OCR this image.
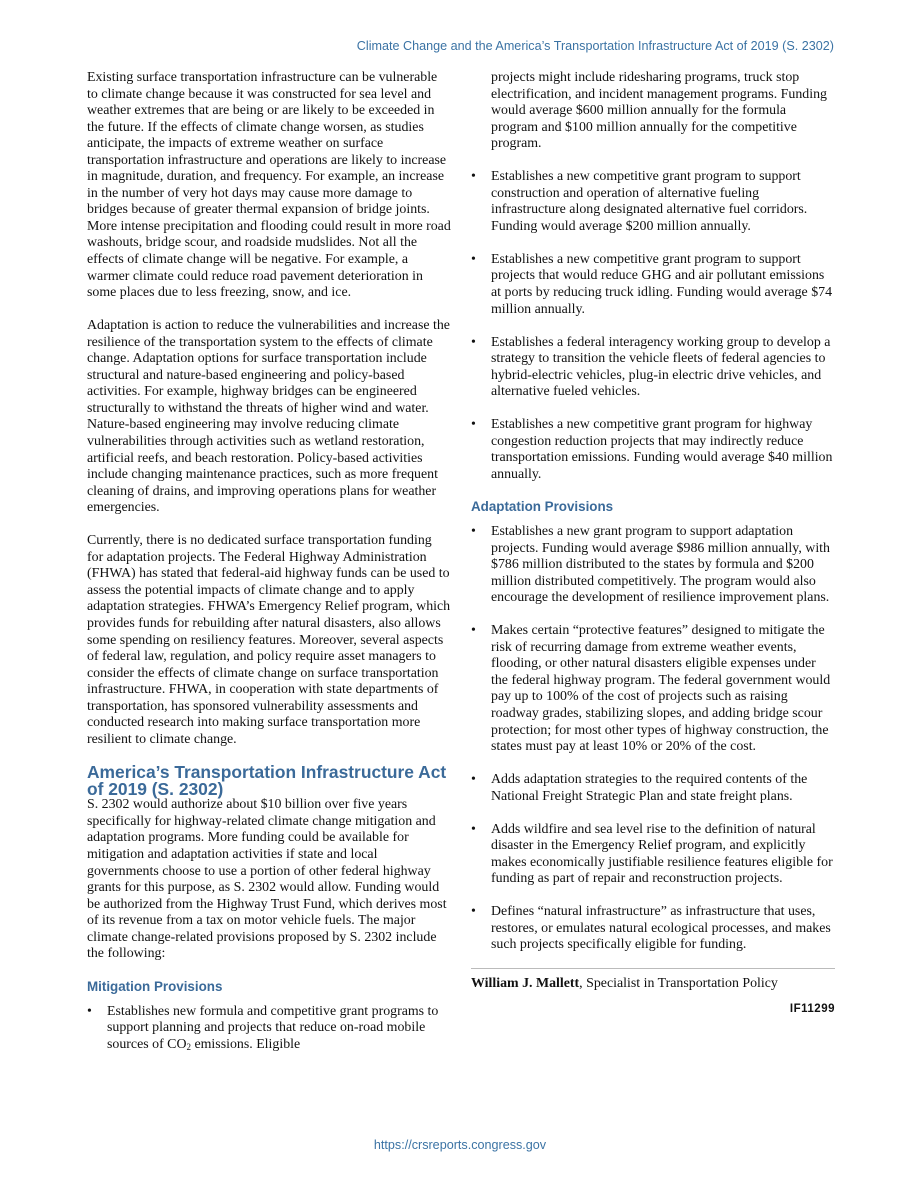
Climate Change and the America’s Transportation Infrastructure Act of 2019 (S. 2302)

Existing surface transportation infrastructure can be vulnerable to climate change because it was constructed for sea level and weather extremes that are being or are likely to be exceeded in the future. If the effects of climate change worsen, as studies anticipate, the impacts of extreme weather on surface transportation infrastructure and operations are likely to increase in magnitude, duration, and frequency. For example, an increase in the number of very hot days may cause more damage to bridges because of greater thermal expansion of bridge joints. More intense precipitation and flooding could result in more road washouts, bridge scour, and roadside mudslides. Not all the effects of climate change will be negative. For example, a warmer climate could reduce road pavement deterioration in some places due to less freezing, snow, and ice.

Adaptation is action to reduce the vulnerabilities and increase the resilience of the transportation system to the effects of climate change. Adaptation options for surface transportation include structural and nature-based engineering and policy-based activities. For example, highway bridges can be engineered structurally to withstand the threats of higher wind and water. Nature-based engineering may involve reducing climate vulnerabilities through activities such as wetland restoration, artificial reefs, and beach restoration. Policy-based activities include changing maintenance practices, such as more frequent cleaning of drains, and improving operations plans for weather emergencies.

Currently, there is no dedicated surface transportation funding for adaptation projects. The Federal Highway Administration (FHWA) has stated that federal-aid highway funds can be used to assess the potential impacts of climate change and to apply adaptation strategies. FHWA’s Emergency Relief program, which provides funds for rebuilding after natural disasters, also allows some spending on resiliency features. Moreover, several aspects of federal law, regulation, and policy require asset managers to consider the effects of climate change on surface transportation infrastructure. FHWA, in cooperation with state departments of transportation, has sponsored vulnerability assessments and conducted research into making surface transportation more resilient to climate change.

America’s Transportation Infrastructure Act of 2019 (S. 2302)

S. 2302 would authorize about $10 billion over five years specifically for highway-related climate change mitigation and adaptation programs. More funding could be available for mitigation and adaptation activities if state and local governments choose to use a portion of other federal highway grants for this purpose, as S. 2302 would allow. Funding would be authorized from the Highway Trust Fund, which derives most of its revenue from a tax on motor vehicle fuels. The major climate change-related provisions proposed by S. 2302 include the following:

Mitigation Provisions
• Establishes new formula and competitive grant programs to support planning and projects that reduce on-road mobile sources of $CO_2$ emissions. Eligible
projects might include ridesharing programs, truck stop electrification, and incident management programs. Funding would average $600 million annually for the formula program and $100 million annually for the competitive program.
• Establishes a new competitive grant program to support construction and operation of alternative fueling infrastructure along designated alternative fuel corridors. Funding would average $200 million annually.
• Establishes a new competitive grant program to support projects that would reduce GHG and air pollutant emissions at ports by reducing truck idling. Funding would average $74 million annually.
• Establishes a federal interagency working group to develop a strategy to transition the vehicle fleets of federal agencies to hybrid-electric vehicles, plug-in electric drive vehicles, and alternative fueled vehicles.
• Establishes a new competitive grant program for highway congestion reduction projects that may indirectly reduce transportation emissions. Funding would average $40 million annually.
Adaptation Provisions
• Establishes a new grant program to support adaptation projects. Funding would average $986 million annually, with $786 million distributed to the states by formula and $200 million distributed competitively. The program would also encourage the development of resilience improvement plans.
• Makes certain “protective features” designed to mitigate the risk of recurring damage from extreme weather events, flooding, or other natural disasters eligible expenses under the federal highway program. The federal government would pay up to 100% of the cost of projects such as raising roadway grades, stabilizing slopes, and adding bridge scour protection; for most other types of highway construction, the states must pay at least 10% or 20% of the cost.
• Adds adaptation strategies to the required contents of the National Freight Strategic Plan and state freight plans.
• Adds wildfire and sea level rise to the definition of natural disaster in the Emergency Relief program, and explicitly makes economically justifiable resilience features eligible for funding as part of repair and reconstruction projects.
• Defines “natural infrastructure” as infrastructure that uses, restores, or emulates natural ecological processes, and makes such projects specifically eligible for funding.
William J. Mallett, Specialist in Transportation Policy
IF11299
https://crsreports.congress.gov
